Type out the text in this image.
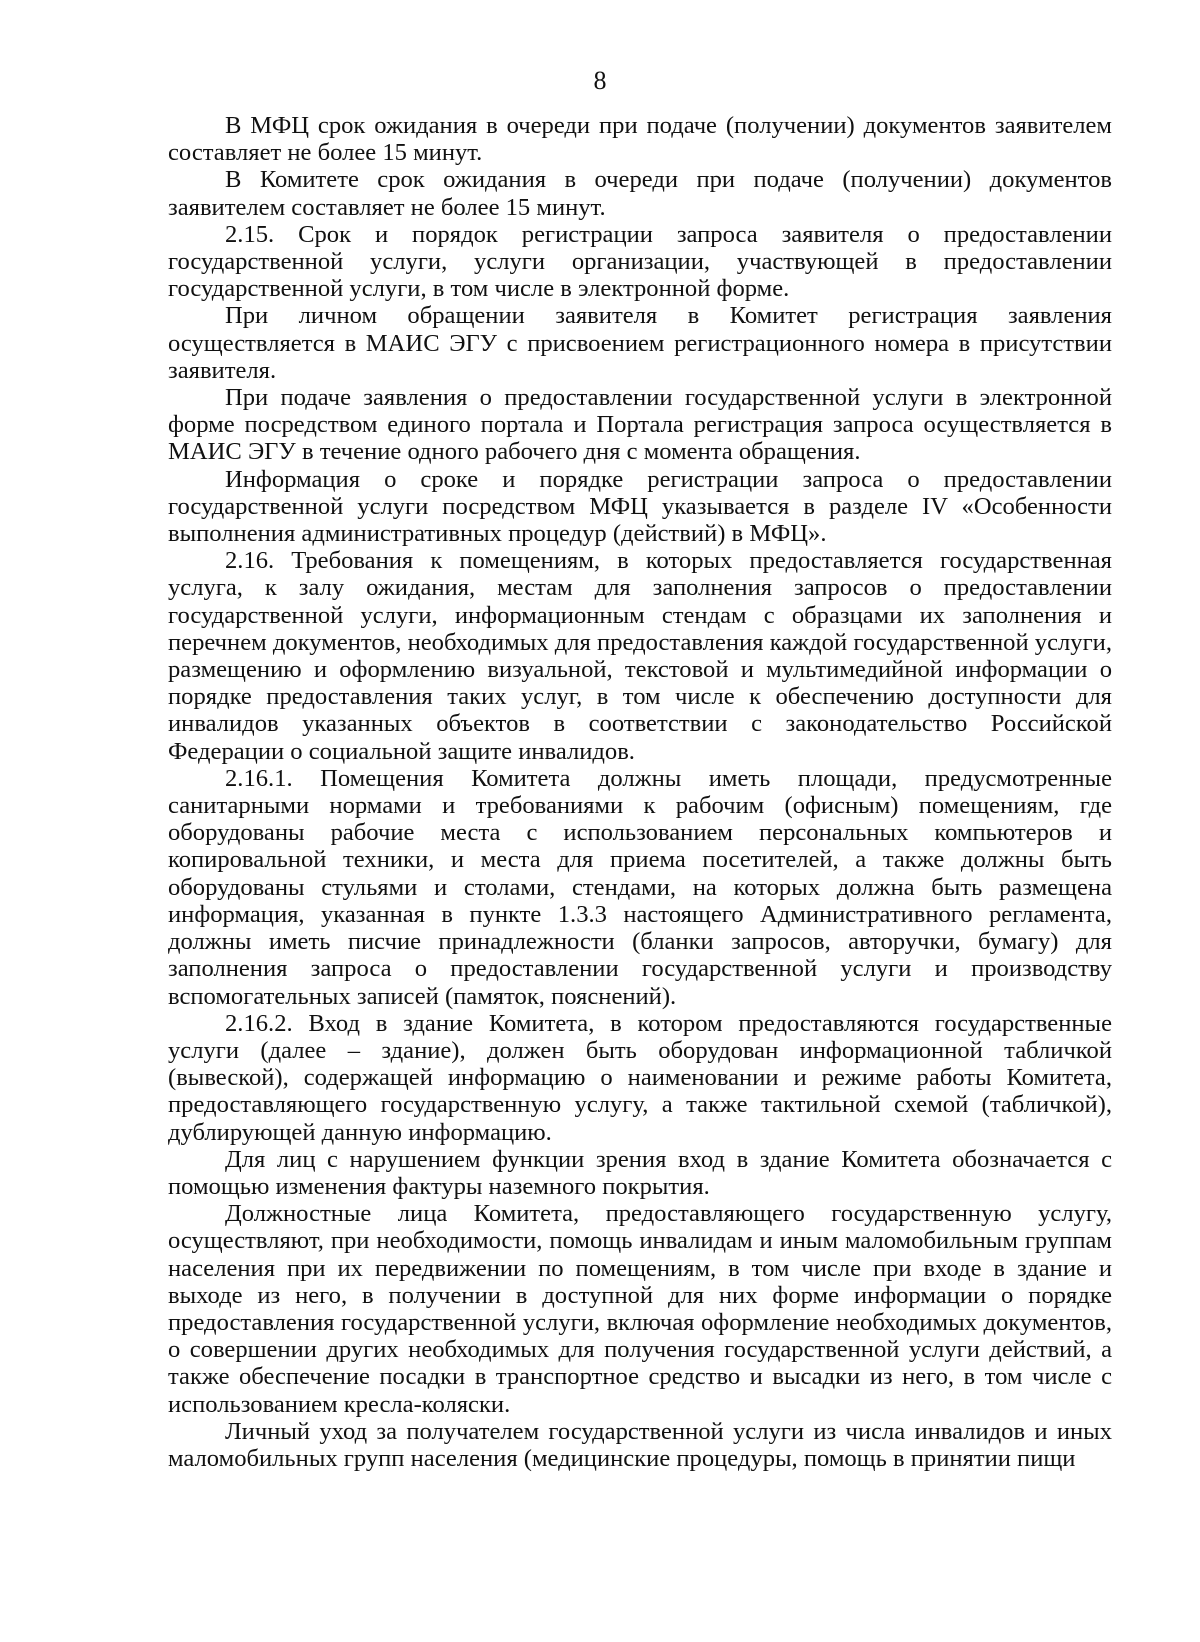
8

В МФЦ срок ожидания в очереди при подаче (получении) документов заявителем составляет не более 15 минут.

В Комитете срок ожидания в очереди при подаче (получении) документов заявителем составляет не более 15 минут.

2.15. Срок и порядок регистрации запроса заявителя о предоставлении государственной услуги, услуги организации, участвующей в предоставлении государственной услуги, в том числе в электронной форме.

При личном обращении заявителя в Комитет регистрация заявления осуществляется в МАИС ЭГУ с присвоением регистрационного номера в присутствии заявителя.

При подаче заявления о предоставлении государственной услуги в электронной форме посредством единого портала и Портала регистрация запроса осуществляется в МАИС ЭГУ в течение одного рабочего дня с момента обращения.

Информация о сроке и порядке регистрации запроса о предоставлении государственной услуги посредством МФЦ указывается в разделе IV «Особенности выполнения административных процедур (действий) в МФЦ».

2.16. Требования к помещениям, в которых предоставляется государственная услуга, к залу ожидания, местам для заполнения запросов о предоставлении государственной услуги, информационным стендам с образцами их заполнения и перечнем документов, необходимых для предоставления каждой государственной услуги, размещению и оформлению визуальной, текстовой и мультимедийной информации о порядке предоставления таких услуг, в том числе к обеспечению доступности для инвалидов указанных объектов в соответствии с законодательство Российской Федерации о социальной защите инвалидов.

2.16.1. Помещения Комитета должны иметь площади, предусмотренные санитарными нормами и требованиями к рабочим (офисным) помещениям, где оборудованы рабочие места с использованием персональных компьютеров и копировальной техники, и места для приема посетителей, а также должны быть оборудованы стульями и столами, стендами, на которых должна быть размещена информация, указанная в пункте 1.3.3 настоящего Административного регламента, должны иметь писчие принадлежности (бланки запросов, авторучки, бумагу) для заполнения запроса о предоставлении государственной услуги и производству вспомогательных записей (памяток, пояснений).

2.16.2. Вход в здание Комитета, в котором предоставляются государственные услуги (далее – здание), должен быть оборудован информационной табличкой (вывеской), содержащей информацию о наименовании и режиме работы Комитета, предоставляющего государственную услугу, а также тактильной схемой (табличкой), дублирующей данную информацию.

Для лиц с нарушением функции зрения вход в здание Комитета обозначается с помощью изменения фактуры наземного покрытия.

Должностные лица Комитета, предоставляющего государственную услугу, осуществляют, при необходимости, помощь инвалидам и иным маломобильным группам населения при их передвижении по помещениям, в том числе при входе в здание и выходе из него, в получении в доступной для них форме информации о порядке предоставления государственной услуги, включая оформление необходимых документов, о совершении других необходимых для получения государственной услуги действий, а также обеспечение посадки в транспортное средство и высадки из него, в том числе с использованием кресла-коляски.

Личный уход за получателем государственной услуги из числа инвалидов и иных маломобильных групп населения (медицинские процедуры, помощь в принятии пищи
